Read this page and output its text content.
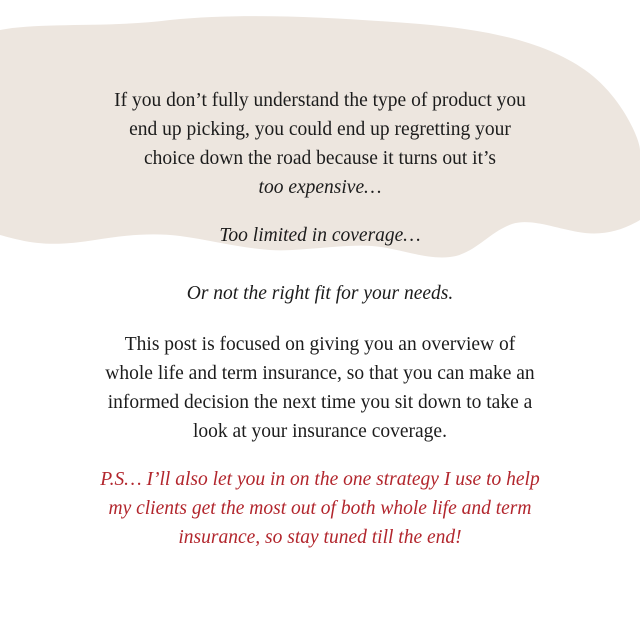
If you don’t fully understand the type of product you
end up picking, you could end up regretting your
choice down the road because it turns out it’s
too expensive…

Too limited in coverage…

Or not the right fit for your needs.

This post is focused on giving you an overview of
whole life and term insurance, so that you can make an
informed decision the next time you sit down to take a
look at your insurance coverage.

P.S… I’ll also let you in on the one strategy I use to help
my clients get the most out of both whole life and term
insurance, so stay tuned till the end!
